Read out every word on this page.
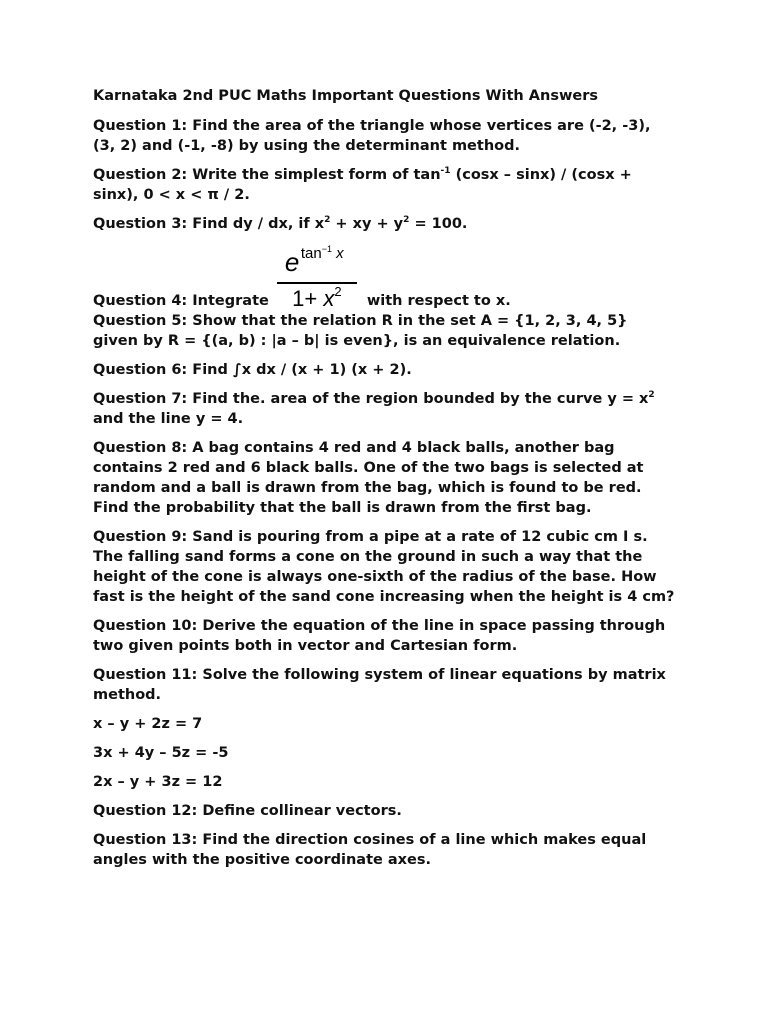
Karnataka 2nd PUC Maths Important Questions With Answers

Question 1: Find the area of the triangle whose vertices are (-2, -3), (3, 2) and (-1, -8) by using the determinant method.

Question 2: Write the simplest form of $\tan^{-1} (\cos x - \sin x) / (\cos x + \sin x)$, 0 < x < π / 2.

Question 3: Find dy / dx, if $x^2$ + xy + $y^2 = 100$.

Question 4: Integrate $\frac{e \tan^{-1} x}{1+ x^2}$ with respect to x.

Question 5: Show that the relation R in the set A = {1, 2, 3, 4, 5} given by R = {(a, b) : |a – b| is even}, is an equivalence relation.

Question 6: Find ∫x dx / (x + 1) (x + 2).

Question 7: Find the. area of the region bounded by the curve $y = x^2$ and the line y = 4.

Question 8: A bag contains 4 red and 4 black balls, another bag contains 2 red and 6 black balls. One of the two bags is selected at random and a ball is drawn from the bag, which is found to be red. Find the probability that the ball is drawn from the first bag.

Question 9: Sand is pouring from a pipe at a rate of 12 cubic cm I s. The falling sand forms a cone on the ground in such a way that the height of the cone is always one-sixth of the radius of the base. How fast is the height of the sand cone increasing when the height is 4 cm?

Question 10: Derive the equation of the line in space passing through two given points both in vector and Cartesian form.

Question 11: Solve the following system of linear equations by matrix method.

x – y + 2z = 7

3x + 4y – 5z = -5

2x – y + 3z = 12

Question 12: Define collinear vectors.

Question 13: Find the direction cosines of a line which makes equal angles with the positive coordinate axes.
